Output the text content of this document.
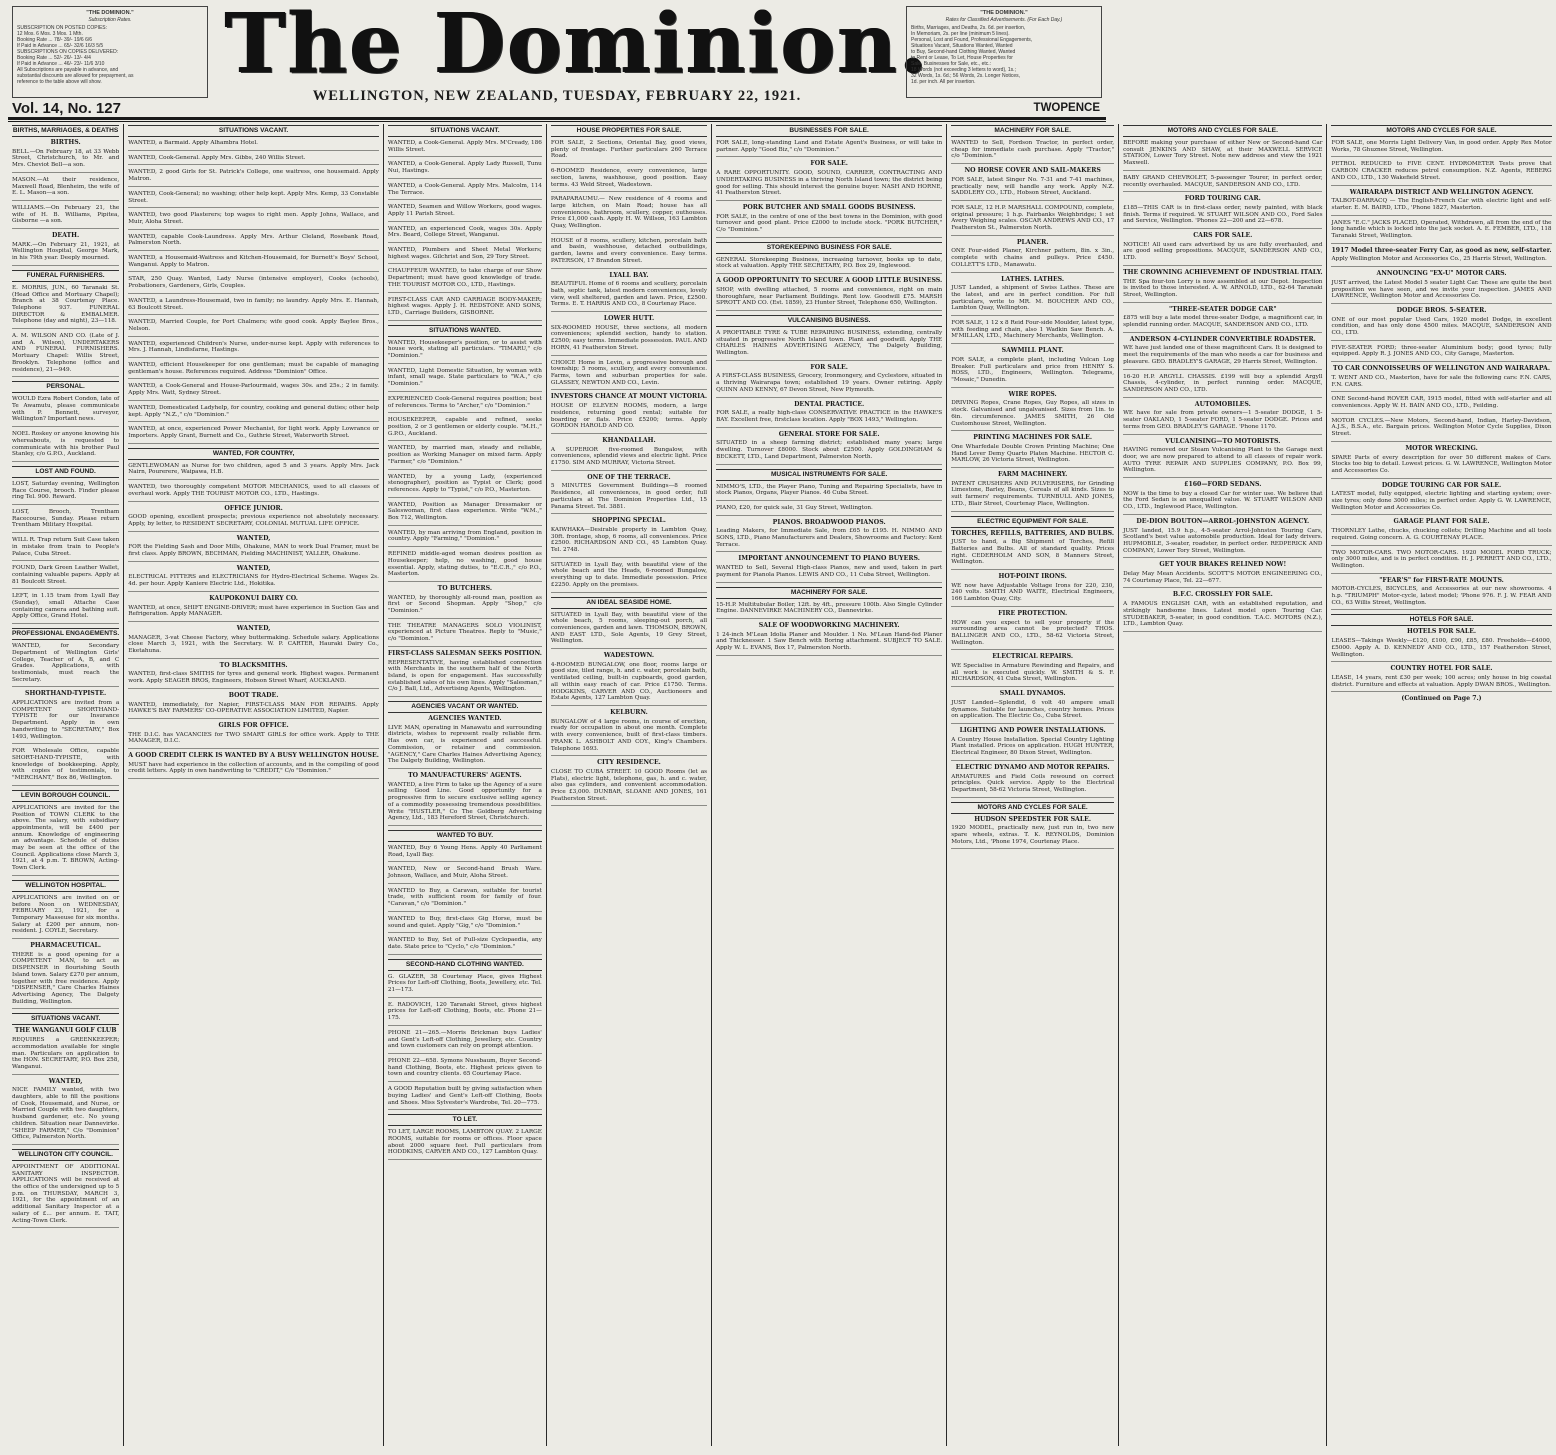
"THE DOMINION."
Subscription Rates.
SUBSCRIPTION ON POSTED COPIES:
12 Mos. 6 Mos. 3 Mos. 1 Mth.
Booking Rate ... 78/- 39/- 19/6 6/6
If Paid in Advance ... 65/- 32/6 16/3 5/5
SUBSCRIPTIONS ON COPIES DELIVERED:
Booking Rate ... 52/- 26/- 13/- 4/4
If Paid in Advance ... 46/- 23/- 11/6 3/10
All Subscriptions are payable in advance, and
substantial discounts are allowed for prepayment, as
reference to the table above will show.	The Dominion.
WELLINGTON, NEW ZEALAND, TUESDAY, FEBRUARY 22, 1921.
"THE DOMINION."
Rates for Classified Advertisements. (For Each Day.)
Births, Marriages, and Deaths, 2s. 6d. per insertion,
In Memoriam, 2s. per line (minimum 5 lines).
Personal, Lost and Found, Professional Engagements,
Situations Vacant, Situations Wanted, Wanted
to Buy, Second-hand Clothing Wanted, Wanted
to Rent or Lease, To Let, House Properties for
Sale, Businesses for Sale, etc., etc.:
18 Words (not exceeding 3 letters to word), 1s.;
32 Words, 1s. 6d.; 56 Words, 2s. Longer Notices,
1d. per inch. All per insertion.
Vol. 14, No. 127	TWOPENCE
BIRTHS, MARRIAGES, & DEATHS
BIRTHS.

BELL.—On February 18, at 33 Webb Street, Christchurch, to Mr. and Mrs. Cheviot Bell—a son.

MASON.—At their residence, Maxwell Road, Blenheim, the wife of E. L. Mason—a son.

WILLIAMS.—On February 21, the wife of H. B. Williams, Pipitea, Gisborne —a son.

DEATH.

MARK.—On February 21, 1921, at Wellington Hospital, George Mark, in his 79th year. Deeply mourned.

FUNERAL FURNISHERS.

E. MORRIS, JUN., 60 Taranaki St. (Head Office and Mortuary Chapel); Branch at 38 Courtenay Place. Telephone 937. FUNERAL DIRECTOR & EMBALMER. Telephone (day and night), 23—118.

A. M. WILSON AND CO. (Late of J. and A. Wilson), UNDERTAKERS AND FUNERAL FURNISHERS. Mortuary Chapel: Willis Street, Brooklyn. Telephone (office and residence), 21—949.

PERSONAL.

WOULD Ezra Robert Condon, late of Te Awamutu, please communicate with P. Bennett, surveyor, Wellington? Important news.

NOEL Roskey or anyone knowing his whereabouts, is requested to communicate with his brother Paul Stanley, c/o G.P.O., Auckland.

LOST AND FOUND.

LOST, Saturday evening, Wellington Race Course, brooch. Finder please ring Tel. 900. Reward.

LOST, Brooch, Trentham Racecourse, Sunday. Please return Trentham Military Hospital.

WILL R. Trap return Suit Case taken in mistake from train to People's Palace, Cuba Street.

FOUND, Dark Green Leather Wallet, containing valuable papers. Apply at 81 Boulcott Street.

LEFT, in 1.15 tram from Lyall Bay (Sunday), small Attache Case containing camera and bathing suit. Apply Office, Grand Hotel.

PROFESSIONAL ENGAGEMENTS.

WANTED, for Secondary Department of Wellington Girls' College, Teacher of A, B, and C Grades. Applications, with testimonials, must reach the Secretary.

SHORTHAND-TYPISTE.

APPLICATIONS are invited from a COMPETENT SHORTHAND-TYPISTE for our Insurance Department. Apply in own handwriting to "SECRETARY," Box 1493, Wellington.

FOR Wholesale Office, capable SHORT-HAND-TYPISTE, with knowledge of bookkeeping. Apply, with copies of testimonials, to "MERCHANT," Box 86, Wellington.

LEVIN BOROUGH COUNCIL.

APPLICATIONS are invited for the Position of TOWN CLERK to the above. The salary, with subsidiary appointments, will be £400 per annum. Knowledge of engineering an advantage. Schedule of duties may be seen at the office of the Council. Applications close March 3, 1921, at 4 p.m. T. BROWN, Acting-Town Clerk.

WELLINGTON HOSPITAL.

APPLICATIONS are invited on or before Noon on WEDNESDAY, FEBRUARY 23, 1921, for a Temporary Masseuse for six months. Salary at £200 per annum, non-resident. J. COYLE, Secretary.

PHARMACEUTICAL.

THERE is a good opening for a COMPETENT MAN, to act as DISPENSER in flourishing South Island town. Salary £270 per annum, together with free residence. Apply "DISPENSER," Care Charles Haines Advertising Agency, The Dalgety Building, Wellington.

SITUATIONS VACANT.
THE WANGANUI GOLF CLUB

REQUIRES a GREENKEEPER; accommodation available for single man. Particulars on application to the HON. SECRETARY, P.O. Box 258, Wanganui.

WANTED,

NICE FAMILY wanted, with two daughters, able to fill the positions of Cook, Housemaid, and Nurse, or Married Couple with two daughters, husband gardener, etc. No young children. Situation near Dannevirke. "SHEEP FARMER," C/o "Dominion" Office, Palmerston North.

WELLINGTON CITY COUNCIL.

APPOINTMENT OF ADDITIONAL SANITARY INSPECTOR. APPLICATIONS will be received at the office of the undersigned up to 5 p.m. on THURSDAY, MARCH 3, 1921, for the appointment of an additional Sanitary Inspector at a salary of £... per annum. E. TAIT, Acting-Town Clerk.

SITUATIONS VACANT.

WANTED, a Barmaid. Apply Alhambra Hotel.

WANTED, Cook-General. Apply Mrs. Gibbs, 240 Willis Street.

WANTED, 2 good Girls for St. Patrick's College, one waitress, one housemaid. Apply Matron.

WANTED, Cook-General; no washing; other help kept. Apply Mrs. Kemp, 33 Constable Street.

WANTED, two good Plasterers; top wages to right men. Apply Johns, Wallace, and Muir, Aloha Street.

WANTED, capable Cook-Laundress. Apply Mrs. Arthur Cleland, Rosebank Road, Palmerston North.

WANTED, a Housemaid-Waitress and Kitchen-Housemaid, for Burnett's Boys' School, Wanganui. Apply to Matron.

STAR, 250 Quay. Wanted, Lady Nurse (intensive employer), Cooks (schools), Probationers, Gardeners, Girls, Couples.

WANTED, a Laundress-Housemaid, two in family; no laundry. Apply Mrs. E. Hannah, 63 Boulcott Street.

WANTED, Married Couple, for Port Chalmers; wife good cook. Apply Baylee Bros., Nelson.

WANTED, experienced Children's Nurse, under-nurse kept. Apply with references to Mrs. J. Hannah, Lindisfarne, Hastings.

WANTED, efficient Housekeeper for one gentleman; must be capable of managing gentleman's house. References required. Address "Dominion" Office.

WANTED, a Cook-General and House-Parlourmaid, wages 30s. and 25s.; 2 in family. Apply Mrs. Watt, Sydney Street.

WANTED, Domesticated Ladyhelp, for country, cooking and general duties; other help kept. Apply "N.Z.," c/o "Dominion."

WANTED, at once, experienced Power Mechanist, for light work. Apply Lowrance or Importers. Apply Grant, Burnett and Co., Guthrie Street, Waterworth Street.

WANTED, FOR COUNTRY,

GENTLEWOMAN as Nurse for two children, aged 5 and 3 years. Apply Mrs. Jack Nairn, Pourerere, Waipawa, H.B.

WANTED, two thoroughly competent MOTOR MECHANICS, used to all classes of overhaul work. Apply THE TOURIST MOTOR CO., LTD., Hastings.

OFFICE JUNIOR.

GOOD opening, excellent prospects; previous experience not absolutely necessary. Apply, by letter, to RESIDENT SECRETARY, COLONIAL MUTUAL LIFE OFFICE.

WANTED,

FOR the Fielding Sash and Door Mills, Ohakune, MAN to work Dual Framer, must be first class. Apply BROWN, BECHMAN, Fielding MACHINIST, YALLER, Ohakune.

WANTED,

ELECTRICAL FITTERS and ELECTRICIANS for Hydro-Electrical Scheme. Wages 2s. 4d. per hour. Apply Kaniere Electric Ltd., Hokitika.

KAUPOKONUI DAIRY CO.

WANTED, at once, SHIFT ENGINE-DRIVER; must have experience in Suction Gas and Refrigeration. Apply MANAGER.

WANTED,

MANAGER, 3-vat Cheese Factory, whey buttermaking. Schedule salary. Applications close March 3, 1921, with the Secretary. W. P. CARTER, Hauraki Dairy Co., Eketahuna.

TO BLACKSMITHS.

WANTED, first-class SMITHS for tyres and general work. Highest wages. Permanent work. Apply SEAGER BROS, Engineers, Hobson Street Wharf, AUCKLAND.

BOOT TRADE.

WANTED, immediately, for Napier, FIRST-CLASS MAN FOR REPAIRS. Apply HAWKE'S BAY FARMERS' CO-OPERATIVE ASSOCIATION LIMITED, Napier.

GIRLS FOR OFFICE.

THE D.I.C. has VACANCIES for TWO SMART GIRLS for office work. Apply to THE MANAGER, D.I.C.

A GOOD CREDIT CLERK IS WANTED BY A BUSY WELLINGTON HOUSE.

MUST have had experience in the collection of accounts, and in the compiling of good credit letters. Apply in own handwriting to "CREDIT," C/o "Dominion."

SITUATIONS VACANT.

WANTED, a Cook-General. Apply Mrs. M'Cready, 186 Willis Street.

WANTED, a Cook-General. Apply Lady Russell, Tunu Nui, Hastings.

WANTED, a Cook-General. Apply Mrs. Malcolm, 114 The Terrace.

WANTED, Seamen and Willow Workers, good wages. Apply 11 Parish Street.

WANTED, an experienced Cook, wages 30s. Apply Mrs. Beard, College Street, Wanganui.

WANTED, Plumbers and Sheet Metal Workers; highest wages. Gilchrist and Son, 29 Tory Street.

CHAUFFEUR WANTED, to take charge of our Show Department; must have good knowledge of trade. THE TOURIST MOTOR CO., LTD., Hastings.

FIRST-CLASS CAR AND CARRIAGE BODY-MAKER; highest wages. Apply J. H. REDSTONE AND SONS, LTD., Carriage Builders, GISBORNE.

SITUATIONS WANTED.

WANTED, Housekeeper's position, or to assist with house work, stating all particulars. "TIMARU," c/o "Dominion."

WANTED, Light Domestic Situation, by woman with infant, small wage. State particulars to "W.A.," c/o "Dominion."

EXPERIENCED Cook-General requires position; best of references. Terms to "Archer," c/o "Dominion."

HOUSEKEEPER, capable and refined, seeks position, 2 or 3 gentlemen or elderly couple. "M.H.," G.P.O., Auckland.

WANTED, by married man, steady and reliable, position as Working Manager on mixed farm. Apply "Farmer," c/o "Dominion."

WANTED, by a young Lady, (experienced stenographer), position as Typist or Clerk; good references. Apply to "Typist," c/o P.O., Masterton.

WANTED, Position as Manager Dressmaker or Saleswoman, first class experience. Write "W.M.," Box 712, Wellington.

WANTED, by man arriving from England, position in country. Apply "Farming," "Dominion."

REFINED middle-aged woman desires position as Housekeeper; help, no washing, good house essential. Apply, stating duties, to "E.C.R.," c/o P.O., Masterton.

TO BUTCHERS.

WANTED, by thoroughly all-round man, position as first or Second Shopman. Apply "Shop," c/o "Dominion."

THE THEATRE MANAGERS SOLO VIOLINIST, experienced at Picture Theatres. Reply to "Music," c/o "Dominion."

FIRST-CLASS SALESMAN SEEKS POSITION.

REPRESENTATIVE, having established connection with Merchants in the southern half of the North Island, is open for engagement. Has successfully established sales of his own lines. Apply "Salesman," C/o J. Ball, Ltd., Advertising Agents, Wellington.

AGENCIES VACANT OR WANTED.
AGENCIES WANTED.

LIVE MAN, operating in Manawatu and surrounding districts, wishes to represent really reliable firm. Has own car, is experienced and successful. Commission, or retainer and commission. "AGENCY," Care Charles Haines Advertising Agency, The Dalgety Building, Wellington.

TO MANUFACTURERS' AGENTS.

WANTED, a live Firm to take up the Agency of a sure selling Good Line. Good opportunity for a progressive firm to secure exclusive selling agency of a commodity possessing tremendous possibilities. Write "HUSTLER," Co The Goldberg Advertising Agency, Ltd., 183 Hereford Street, Christchurch.

WANTED TO BUY.

WANTED, Buy 6 Young Hens. Apply 40 Parliament Road, Lyall Bay.

WANTED, New or Second-hand Brush Ware. Johnson, Wallace, and Muir, Aloha Street.

WANTED to Buy, a Caravan, suitable for tourist trade, with sufficient room for family of four. "Caravan," c/o "Dominion."

WANTED to Buy, first-class Gig Horse, must be sound and quiet. Apply "Gig," c/o "Dominion."

WANTED to Buy, Set of Full-size Cyclopaedia, any date. State price to "Cyclo," c/o "Dominion."

SECOND-HAND CLOTHING WANTED.

G. GLAZER, 38 Courtenay Place, gives Highest Prices for Left-off Clothing, Boots, Jewellery, etc. Tel. 21—173.

E. RADOVICH, 120 Taranaki Street, gives highest prices for Left-off Clothing, Boots, etc. Phone 21—175.

PHONE 21—265.—Morris Brickman buys Ladies' and Gent's Left-off Clothing, Jewellery, etc. Country and town customers can rely on prompt attention.

PHONE 22—658. Symons Nussbaum, Buyer Second-hand Clothing, Boots, etc. Highest prices given to town and country clients. 65 Courtenay Place.

A GOOD Reputation built by giving satisfaction when buying Ladies' and Gent's Left-off Clothing, Boots and Shoes. Miss Sylvester's Wardrobe, Tel. 20—775.

TO LET.

TO LET, LARGE ROOMS, LAMBTON QUAY. 2 LARGE ROOMS, suitable for rooms or offices. Floor space about 2000 square feet. Full particulars from HODDKINS, CARVER AND CO., 127 Lambton Quay.

HOUSE PROPERTIES FOR SALE.

FOR SALE, 2 Sections, Oriental Bay, good views, plenty of frontage. Further particulars 260 Terrace Road.

6-ROOMED Residence, every convenience, large section, lawns, washhouse, good position. Easy terms. 43 Weld Street, Wadestown.

PARAPARAUMU.— New residence of 4 rooms and large kitchen, on Main Road; house has all conveniences, bathroom, scullery, copper, outhouses. Price £1,000 cash. Apply H. W. Willson, 163 Lambton Quay, Wellington.

HOUSE of 8 rooms, scullery, kitchen, porcelain bath and basin, washhouse, detached outbuildings, garden, lawns and every convenience. Easy terms. PATERSON, 17 Brandon Street.

LYALL BAY.

BEAUTIFUL Home of 6 rooms and scullery, porcelain bath, septic tank, latest modern conveniences, lovely view, well sheltered, garden and lawn. Price, £2500. Terms. E. T. HARRIS AND CO., 8 Courtenay Place.

LOWER HUTT.

SIX-ROOMED HOUSE, three sections, all modern conveniences; splendid section, handy to station. £2500; easy terms. Immediate possession. PAUL AND HORN, 41 Featherston Street.

CHOICE Home in Levin, a progressive borough and township; 5 rooms, scullery, and every convenience. Farms, town and suburban properties for sale. GLASSEY, NEWTON AND CO., Levin.

INVESTORS CHANCE AT MOUNT VICTORIA.

HOUSE OF ELEVEN ROOMS, modern, a large residence, returning good rental; suitable for boarding or flats. Price £5200; terms. Apply GORDON HAROLD AND CO.

KHANDALLAH.

A SUPERIOR five-roomed Bungalow, with conveniences, splendid views and electric light. Price £1750. SIM AND MURRAY, Victoria Street.

ONE OF THE TERRACE.

5 MINUTES Government Buildings—8 roomed Residence, all conveniences, in good order, full particulars at The Dominion Properties Ltd., 15 Panama Street. Tel. 3881.

SHOPPING SPECIAL.

KAIWHAKA—Desirable property in Lambton Quay, 30ft. frontage, shop, 6 rooms, all conveniences. Price £2500. RICHARDSON AND CO., 45 Lambton Quay. Tel. 2748.

SITUATED in Lyall Bay, with beautiful view of the whole beach and the Heads, 6-roomed Bungalow, everything up to date. Immediate possession. Price £2250. Apply on the premises.

AN IDEAL SEASIDE HOME.

SITUATED in Lyall Bay, with beautiful view of the whole beach, 5 rooms, sleeping-out porch, all conveniences, garden and lawn. THOMSON, BROWN, AND EAST LTD., Sole Agents, 19 Grey Street, Wellington.

WADESTOWN.

4-ROOMED BUNGALOW, one floor, rooms large or good size, tiled range, h. and c. water, porcelain bath, ventilated ceiling, built-in cupboards, good garden, all within easy reach of car. Price £1750. Terms. HODGKINS, CARVER AND CO., Auctioneers and Estate Agents, 127 Lambton Quay.

KELBURN.

BUNGALOW of 4 large rooms, in course of erection, ready for occupation in about one month. Complete with every convenience, built of first-class timbers. FRANK L. ASHBOLT AND COY., King's Chambers. Telephone 1693.

CITY RESIDENCE.

CLOSE TO CUBA STREET. 10 GOOD Rooms (let as Flats), electric light, telephone, gas, h. and c. water, also gas cylinders, and convenient accommodation. Price £3,000. DUNBAR, SLOANE AND JONES, 161 Featherston Street.

BUSINESSES FOR SALE.

FOR SALE, long-standing Land and Estate Agent's Business, or will take in partner. Apply "Good Biz," c/o "Dominion."

FOR SALE.

A RARE OPPORTUNITY. GOOD, SOUND, CARRIER, CONTRACTING AND UNDERTAKING BUSINESS in a thriving North Island town; the district being good for selling. This should interest the genuine buyer. NASH AND HORNE, 41 Featherston Street.

PORK BUTCHER AND SMALL GOODS BUSINESS.

FOR SALE, in the centre of one of the best towns in the Dominion, with good turnover and good plant. Price £2000 to include stock. "PORK BUTCHER," C/o "Dominion."

STOREKEEPING BUSINESS FOR SALE.

GENERAL Storekeeping Business, increasing turnover, books up to date, stock at valuation. Apply THE SECRETARY, P.O. Box 29, Inglewood.

A GOOD OPPORTUNITY TO SECURE A GOOD LITTLE BUSINESS.

SHOP, with dwelling attached, 5 rooms and convenience, right on main thoroughfare, near Parliament Buildings. Rent low. Goodwill £75. MARSH SPROTT AND CO. (Est. 1859), 23 Hunter Street, Telephone 650, Wellington.

VULCANISING BUSINESS.

A PROFITABLE TYRE & TUBE REPAIRING BUSINESS, extending, centrally situated in progressive North Island town. Plant and goodwill. Apply THE CHARLES HAINES ADVERTISING AGENCY, The Dalgety Building, Wellington.

FOR SALE.

A FIRST-CLASS BUSINESS, Grocery, Ironmongery, and Cyclestore, situated in a thriving Wairarapa town; established 19 years. Owner retiring. Apply QUINN AND KENNY, 67 Devon Street, New Plymouth.

DENTAL PRACTICE.

FOR SALE, a really high-class CONSERVATIVE PRACTICE in the HAWKE'S BAY. Excellent free, firstclass location. Apply "BOX 1493," Wellington.

GENERAL STORE FOR SALE.

SITUATED in a sheep farming district; established many years; large dwelling. Turnover £8000. Stock about £2500. Apply GOLDINGHAM & BECKETT, LTD., Land Department, Palmerston North.

MUSICAL INSTRUMENTS FOR SALE.

NIMMO'S, LTD., the Player Piano, Tuning and Repairing Specialists, have in stock Pianos, Organs, Player Pianos. 46 Cuba Street.

PIANO, £20, for quick sale, 31 Guy Street, Wellington.

PIANOS. BROADWOOD PIANOS.

Leading Makers, for Immediate Sale, from £65 to £195. H. NIMMO AND SONS, LTD., Piano Manufacturers and Dealers, Showrooms and Factory: Kent Terrace.

IMPORTANT ANNOUNCEMENT TO PIANO BUYERS.

WANTED to Sell, Several High-class Pianos, new and used, taken in part payment for Pianola Pianos. LEWIS AND CO., 11 Cuba Street, Wellington.

MACHINERY FOR SALE.

15-H.P. Multitubular Boiler, 12ft. by 4ft., pressure 100lb. Also Single Cylinder Engine. DANNEVIRKE MACHINERY CO., Dannevirke.

SALE OF WOODWORKING MACHINERY.

1 24-inch M'Lean Idolia Planer and Moulder. 1 No. M'Lean Hand-fed Planer and Thicknesser. 1 Saw Bench with Boring attachment. SUBJECT TO SALE. Apply W. L. EVANS, Box 17, Palmerston North.

MACHINERY FOR SALE.

WANTED to Sell, Fordson Tractor, in perfect order, cheap for immediate cash purchase. Apply "Tractor," c/o "Dominion."

NO HORSE COVER AND SAIL-MAKERS

FOR SALE, latest Singer No. 7-31 and 7-41 machines, practically new, will handle any work. Apply N.Z. SADDLERY CO., LTD., Hobson Street, Auckland.

FOR SALE, 12 H.P. MARSHALL COMPOUND, complete, original pressure; 1 h.p. Fairbanks Weighbridge; 1 set Avery Weighing scales. OSCAR ANDREWS AND CO., 17 Featherston St., Palmerston North.

PLANER.

ONE Four-sided Planer, Kirchner pattern, 8in. x 3in., complete with chains and pulleys. Price £450. COLLETT'S LTD., Manawatu.

LATHES. LATHES.

JUST Landed, a shipment of Swiss Lathes. These are the latest, and are in perfect condition. For full particulars, write to MR. M. BOUCHER AND CO., Lambton Quay, Wellington.

FOR SALE, 1 12 x 8 Reid Four-side Moulder, latest type, with feeding and chain, also 1 Wadkin Saw Bench. A. M'MILLAN, LTD., Machinery Merchants, Wellington.

SAWMILL PLANT.

FOR SALE, a complete plant, including Vulcan Log Breaker. Full particulars and price from HENRY S. ROSS, LTD., Engineers, Wellington. Telegrams, "Mosaic," Dunedin.

WIRE ROPES.

DRIVING Ropes, Crane Ropes, Guy Ropes, all sizes in stock. Galvanised and ungalvanised. Sizes from 1in. to 6in. circumference. JAMES SMITH, 26 Old Customhouse Street, Wellington.

PRINTING MACHINES FOR SALE.

One Wharfedale Double Crown Printing Machine; One Hand Lever Demy Quarto Platen Machine. HECTOR C. MARLOW, 26 Victoria Street, Wellington.

FARM MACHINERY.

PATENT CRUSHERS AND PULVERISERS, for Grinding Limestone, Barley, Beans, Cereals of all kinds. Sizes to suit farmers' requirements. TURNBULL AND JONES, LTD., Blair Street, Courtenay Place, Wellington.

ELECTRIC EQUIPMENT FOR SALE.
TORCHES, REFILLS, BATTERIES, AND BULBS.

JUST to hand, a Big Shipment of Torches, Refill Batteries and Bulbs. All of standard quality. Prices right. CEDERHOLM AND SON, 8 Manners Street, Wellington.

HOT-POINT IRONS.

WE now have Adjustable Voltage Irons for 220, 230, 240 volts. SMITH AND WAITE, Electrical Engineers, 166 Lambton Quay, City.

FIRE PROTECTION.

HOW can you expect to sell your property if the surrounding area cannot be protected? THOS. BALLINGER AND CO., LTD., 58-62 Victoria Street, Wellington.

ELECTRICAL REPAIRS.

WE Specialise in Armature Rewinding and Repairs, and all work is executed quickly. W. SMITH & S. F. RICHARDSON, 41 Cuba Street, Wellington.

SMALL DYNAMOS.

JUST Landed—Splendid, 6 volt 40 ampere small dynamos. Suitable for launches, country homes. Prices on application. The Electric Co., Cuba Street.

LIGHTING AND POWER INSTALLATIONS.

A Country House Installation. Special Country Lighting Plant installed. Prices on application. HUGH HUNTER, Electrical Engineer, 80 Dixon Street, Wellington.

ELECTRIC DYNAMO AND MOTOR REPAIRS.

ARMATURES and Field Coils rewound on correct principles. Quick service. Apply to the Electrical Department, 58-62 Victoria Street, Wellington.

MOTORS AND CYCLES FOR SALE.
HUDSON SPEEDSTER FOR SALE.

1920 MODEL, practically new, just run in, two new spare wheels, extras. T. K. REYNOLDS, Dominion Motors, Ltd., 'Phone 1974, Courtenay Place.

MOTORS AND CYCLES FOR SALE.

BEFORE making your purchase of either New or Second-hand Car consult JENKINS AND SHAW, at their MAXWELL SERVICE STATION, Lower Tory Street. Note new address and view the 1921 Maxwell.

BABY GRAND CHEVROLET, 5-passenger Tourer, in perfect order, recently overhauled. MACQUE, SANDERSON AND CO., LTD.

FORD TOURING CAR.

£185—THIS CAR is in first-class order, newly painted, with black finish. Terms if required. W. STUART WILSON AND CO., Ford Sales and Service, Wellington. 'Phones 22—200 and 22—678.

CARS FOR SALE.

NOTICE! All used cars advertised by us are fully overhauled, and are good selling propositions. MACQUE, SANDERSON AND CO., LTD.

THE CROWNING ACHIEVEMENT OF INDUSTRIAL ITALY.

THE Spa four-ton Lorry is now assembled at our Depot. Inspection is invited to those interested. A. W. ARNOLD, LTD., 62-64 Taranaki Street, Wellington.

"THREE-SEATER DODGE CAR"

£875 will buy a late model three-seater Dodge, a magnificent car, in splendid running order. MACQUE, SANDERSON AND CO., LTD.

ANDERSON 4-CYLINDER CONVERTIBLE ROADSTER.

WE have just landed one of these magnificent Cars. It is designed to meet the requirements of the man who needs a car for business and pleasure. GEO. BRADLEY'S GARAGE, 29 Harris Street, Wellington.

16-20 H.P. ARGYLL CHASSIS. £199 will buy a splendid Argyll Chassis, 4-cylinder, in perfect running order. MACQUE, SANDERSON AND CO., LTD.

AUTOMOBILES.

WE have for sale from private owners—1 5-seater DODGE, 1 5-seater OAKLAND, 1 5-seater FORD, 1 5-seater DODGE. Prices and terms from GEO. BRADLEY'S GARAGE. 'Phone 1170.

VULCANISING—TO MOTORISTS.

HAVING removed our Steam Vulcanising Plant to the Garage next door, we are now prepared to attend to all classes of repair work. AUTO TYRE REPAIR AND SUPPLIES COMPANY, P.O. Box 99, Wellington.

£160—FORD SEDANS.

NOW is the time to buy a closed Car for winter use. We believe that the Ford Sedan is an unequalled value. W. STUART WILSON AND CO., LTD., Inglewood Place, Wellington.

DE-DION BOUTON—ARROL-JOHNSTON AGENCY.

JUST landed, 15.9 h.p., 4-5-seater Arrol-Johnston Touring Cars, Scotland's best value automobile production. Ideal for lady drivers. HUPMOBILE, 3-seater, roadster, in perfect order. REDPERICK AND COMPANY, Lower Tory Street, Wellington.

GET YOUR BRAKES RELINED NOW!

Delay May Mean Accidents. SCOTT'S MOTOR ENGINEERING CO., 74 Courtenay Place, Tel. 22—677.

B.F.C. CROSSLEY FOR SALE.

A FAMOUS ENGLISH CAR, with an established reputation, and strikingly handsome lines. Latest model open Touring Car. STUDEBAKER, 5-seater, in good condition. T.A.C. MOTORS (N.Z.), LTD., Lambton Quay.

MOTORS AND CYCLES FOR SALE.

FOR SALE, one Morris Light Delivery Van, in good order. Apply Rex Motor Works, 78 Ghuznee Street, Wellington.

PETROL REDUCED to FIVE CENT. HYDROMETER Tests prove that CARBON CRACKER reduces petrol consumption. N.Z. Agents, REBERG AND CO., LTD., 130 Wakefield Street.

WAIRARAPA DISTRICT AND WELLINGTON AGENCY.

TALBOT-DARRACQ — The English-French Car with electric light and self-starter. E. M. BAIRD, LTD., 'Phone 1827, Masterton.

JANES "E.C." JACKS PLACED, Operated, Withdrawn, all from the end of the long handle which is locked into the jack socket. A. E. FEMBER, LTD., 118 Taranaki Street, Wellington.

1917 Model three-seater Ferry Car, as good as new, self-starter.

Apply Wellington Motor and Accessories Co., 25 Harris Street, Wellington.

ANNOUNCING "EX-U" MOTOR CARS.

JUST arrived, the Latest Model 5 seater Light Car. These are quite the best proposition we have seen, and we invite your inspection. JAMES AND LAWRENCE, Wellington Motor and Accessories Co.

DODGE BROS. 5-SEATER.

ONE of our most popular Used Cars, 1920 model Dodge, in excellent condition, and has only done 4500 miles. MACQUE, SANDERSON AND CO., LTD.

FIVE-SEATER FORD; three-seater Aluminium body; good tyres; fully equipped. Apply R. J. JONES AND CO., City Garage, Masterton.

TO CAR CONNOISSEURS OF WELLINGTON AND WAIRARAPA.

T. WENT AND CO., Masterton, have for sale the following cars: F.N. CARS, F.N. CARS.

ONE Second-hand ROVER CAR, 1915 model, fitted with self-starter and all conveniences. Apply W. H. BAIN AND CO., LTD., Feilding.

MOTOR CYCLES.—New Motors, Second-hand, Indian, Harley-Davidson, A.J.S., B.S.A., etc. Bargain prices. Wellington Motor Cycle Supplies, Dixon Street.

MOTOR WRECKING.

SPARE Parts of every description for over 50 different makes of Cars. Stocks too big to detail. Lowest prices. G. W. LAWRENCE, Wellington Motor and Accessories Co.

DODGE TOURING CAR FOR SALE.

LATEST model, fully equipped, electric lighting and starting system; over-size tyres; only done 3000 miles; in perfect order. Apply G. W. LAWRENCE, Wellington Motor and Accessories Co.

GARAGE PLANT FOR SALE.

THORNLEY Lathe, chucks, chucking collets; Drilling Machine and all tools required. Going concern. A. G. COURTENAY PLACE.

TWO MOTOR-CARS. TWO MOTOR-CARS. 1920 MODEL FORD TRUCK; only 3000 miles, and is in perfect condition. H. J. PERRETT AND CO., LTD., Wellington.

"FEAR'S" for FIRST-RATE MOUNTS.

MOTOR-CYCLES, BICYCLES, and Accessories at our new showrooms. 4 h.p. "TRIUMPH" Motor-cycle, latest model; 'Phone 976. F. J. W. FEAR AND CO., 63 Willis Street, Wellington.

HOTELS FOR SALE.
HOTELS FOR SALE.

LEASES—Takings Weekly—£120, £100, £90, £85, £80. Freeholds—£4000, £5000. Apply A. D. KENNEDY AND CO., LTD., 157 Featherston Street, Wellington.

COUNTRY HOTEL FOR SALE.

LEASE, 14 years, rent £30 per week; 100 acres; only house in big coastal district. Furniture and effects at valuation. Apply DWAN BROS., Wellington.

(Continued on Page 7.)
